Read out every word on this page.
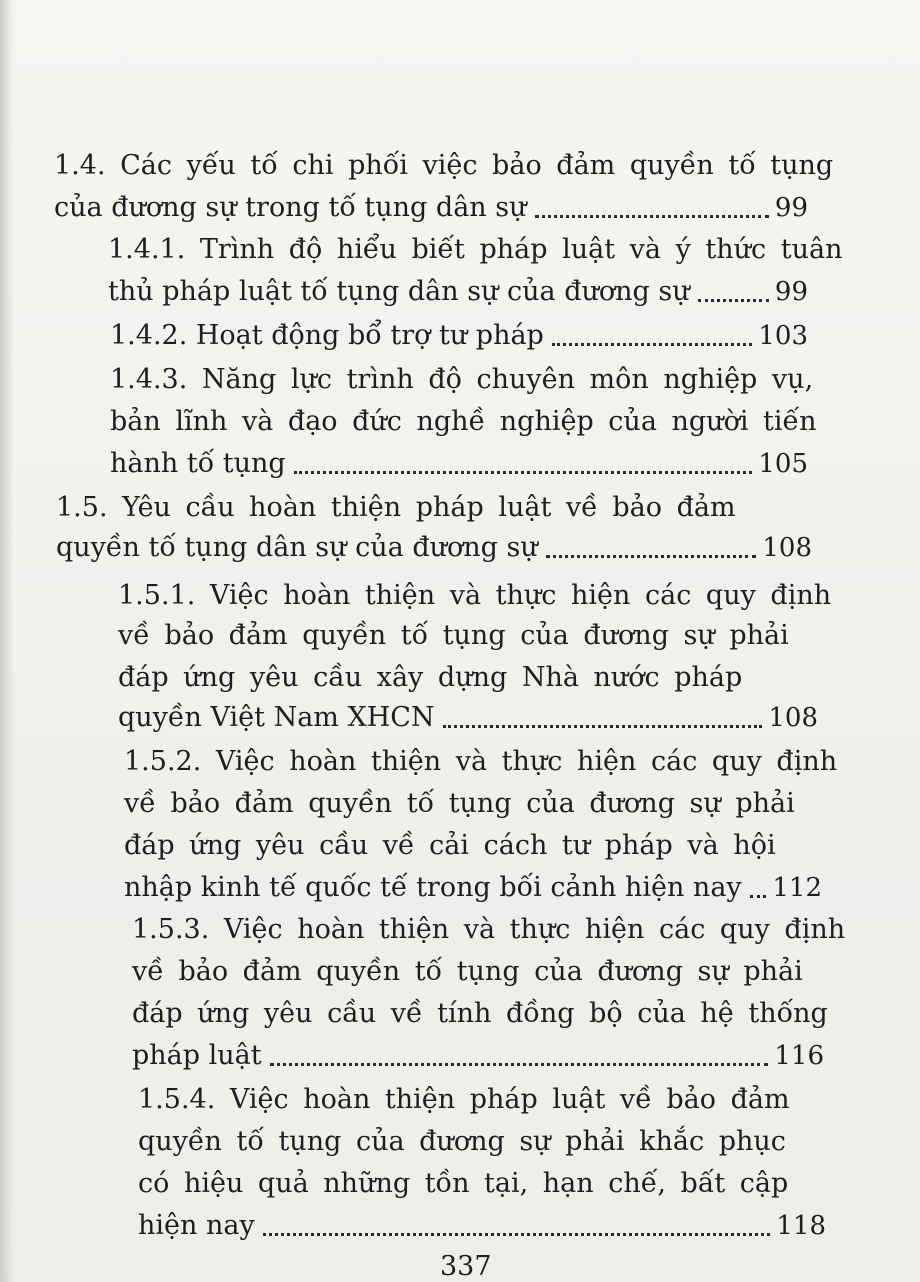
1.4. Các yếu tố chi phối việc bảo đảm quyền tố tụng
của đương sự trong tố tụng dân sự	99
1.4.1. Trình độ hiểu biết pháp luật và ý thức tuân
thủ pháp luật tố tụng dân sự của đương sự	99
1.4.2. Hoạt động bổ trợ tư pháp	103
1.4.3. Năng lực trình độ chuyên môn nghiệp vụ,
bản lĩnh và đạo đức nghề nghiệp của người tiến
hành tố tụng	105
1.5. Yêu cầu hoàn thiện pháp luật về bảo đảm
quyền tố tụng dân sự của đương sự	108
1.5.1. Việc hoàn thiện và thực hiện các quy định
về bảo đảm quyền tố tụng của đương sự phải
đáp ứng yêu cầu xây dựng Nhà nước pháp
quyền Việt Nam XHCN	108
1.5.2. Việc hoàn thiện và thực hiện các quy định
về bảo đảm quyền tố tụng của đương sự phải
đáp ứng yêu cầu về cải cách tư pháp và hội
nhập kinh tế quốc tế trong bối cảnh hiện nay 112
1.5.3. Việc hoàn thiện và thực hiện các quy định
về bảo đảm quyền tố tụng của đương sự phải
đáp ứng yêu cầu về tính đồng bộ của hệ thống
pháp luật	116
1.5.4. Việc hoàn thiện pháp luật về bảo đảm
quyền tố tụng của đương sự phải khắc phục
có hiệu quả những tồn tại, hạn chế, bất cập
hiện nay	118
337
